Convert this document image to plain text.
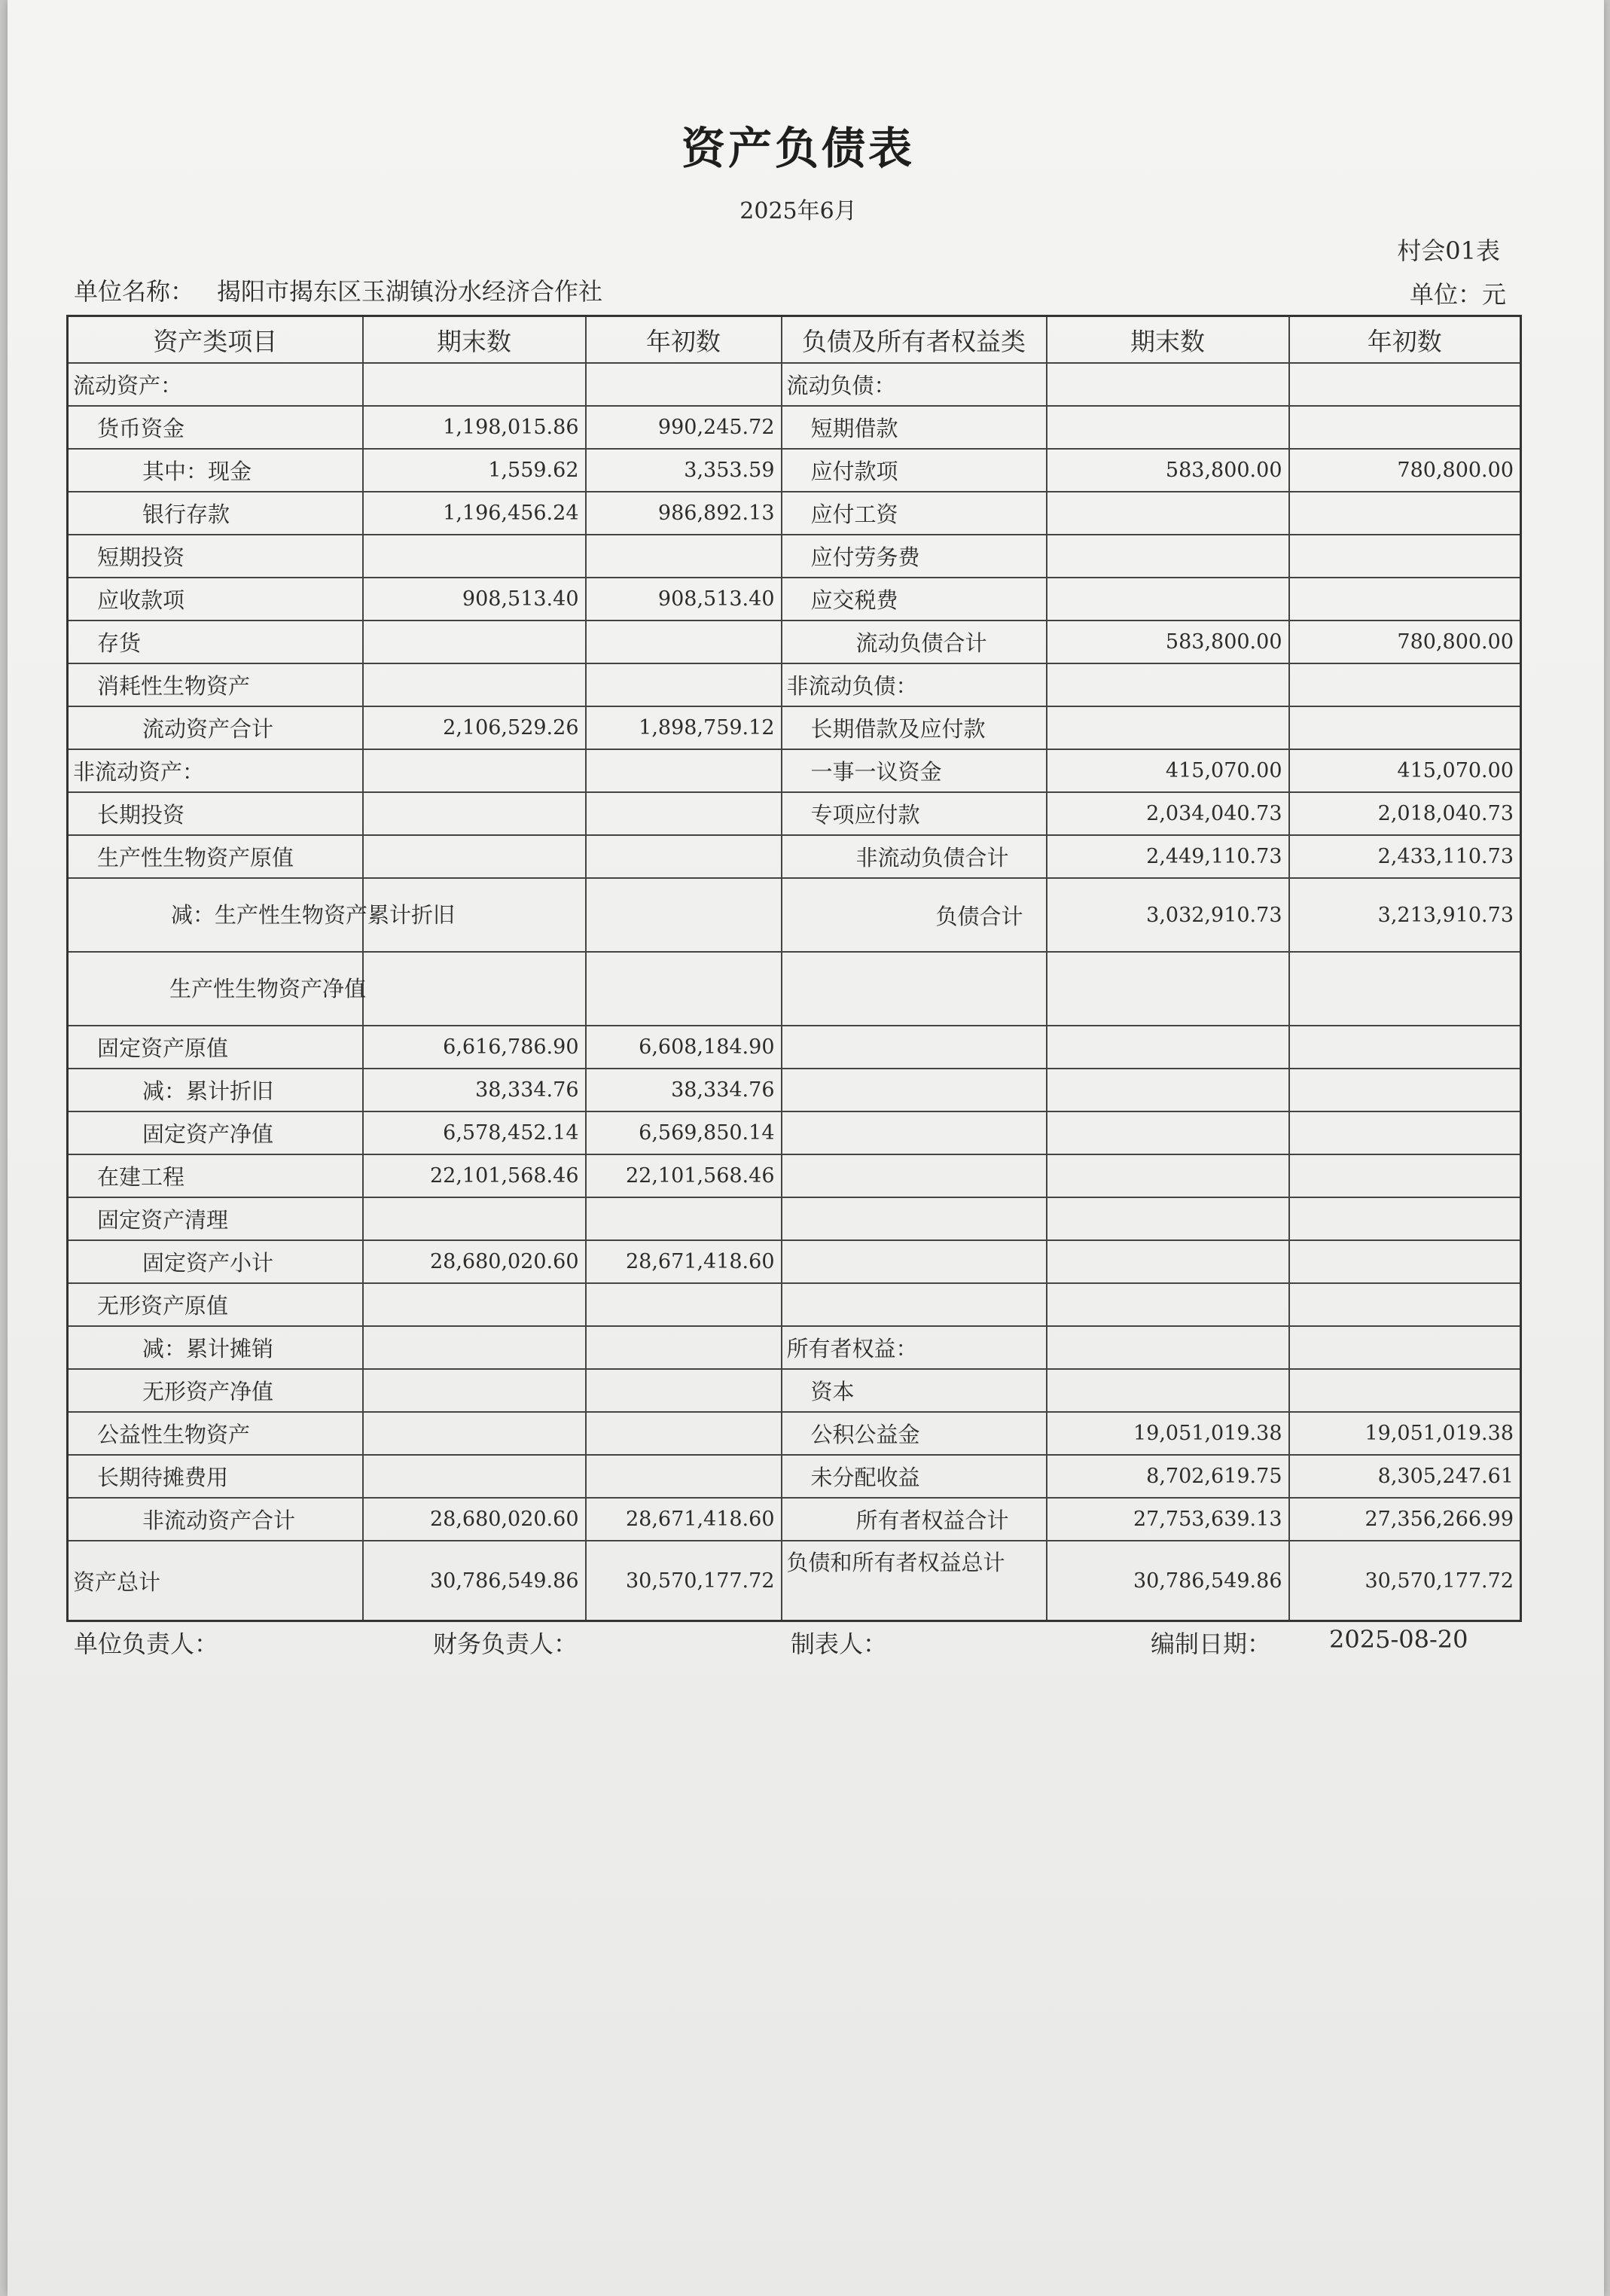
资产负债表
2025年6月
村会01表
单位名称： 揭阳市揭东区玉湖镇汾水经济合作社	单位：元
资产类项目	期末数	年初数	负债及所有者权益类	期末数	年初数
流动资产：			流动负债：		
货币资金	1,198,015.86	990,245.72	短期借款		
其中：现金	1,559.62	3,353.59	应付款项	583,800.00	780,800.00
银行存款	1,196,456.24	986,892.13	应付工资		
短期投资			应付劳务费		
应收款项	908,513.40	908,513.40	应交税费		
存货			流动负债合计	583,800.00	780,800.00
消耗性生物资产			非流动负债：		
流动资产合计	2,106,529.26	1,898,759.12	长期借款及应付款		
非流动资产：			一事一议资金	415,070.00	415,070.00
长期投资			专项应付款	2,034,040.73	2,018,040.73
生产性生物资产原值			非流动负债合计	2,449,110.73	2,433,110.73
减：生产性生物资产累计折旧			负债合计	3,032,910.73	3,213,910.73
生产性生物资产净值					
固定资产原值	6,616,786.90	6,608,184.90			
减：累计折旧	38,334.76	38,334.76			
固定资产净值	6,578,452.14	6,569,850.14			
在建工程	22,101,568.46	22,101,568.46			
固定资产清理					
固定资产小计	28,680,020.60	28,671,418.60			
无形资产原值					
减：累计摊销			所有者权益：		
无形资产净值			资本		
公益性生物资产			公积公益金	19,051,019.38	19,051,019.38
长期待摊费用			未分配收益	8,702,619.75	8,305,247.61
非流动资产合计	28,680,020.60	28,671,418.60	所有者权益合计	27,753,639.13	27,356,266.99
资产总计	30,786,549.86	30,570,177.72	负债和所有者权益总计	30,786,549.86	30,570,177.72
单位负责人：	财务负责人：	制表人：	编制日期： 2025-08-20
